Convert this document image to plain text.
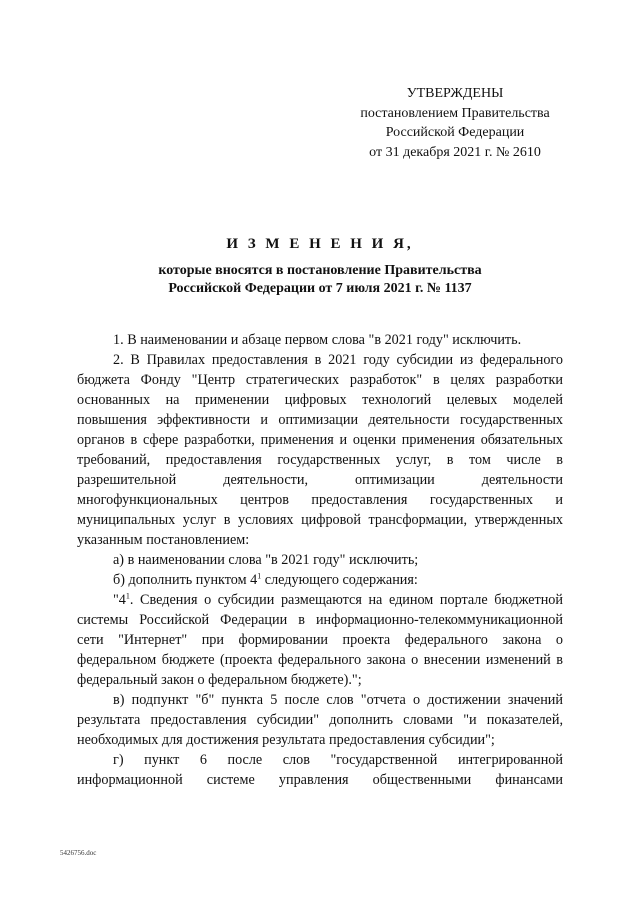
УТВЕРЖДЕНЫ
постановлением Правительства
Российской Федерации
от 31 декабря 2021 г. № 2610
И З М Е Н Е Н И Я,
которые вносятся в постановление Правительства
Российской Федерации от 7 июля 2021 г. № 1137

1. В наименовании и абзаце первом слова "в 2021 году" исключить.

2. В Правилах предоставления в 2021 году субсидии из федерального бюджета Фонду "Центр стратегических разработок" в целях разработки основанных на применении цифровых технологий целевых моделей повышения эффективности и оптимизации деятельности государственных органов в сфере разработки, применения и оценки применения обязательных требований, предоставления государственных услуг, в том числе в разрешительной деятельности, оптимизации деятельности многофункциональных центров предоставления государственных и муниципальных услуг в условиях цифровой трансформации, утвержденных указанным постановлением:

а) в наименовании слова "в 2021 году" исключить;

б) дополнить пунктом $4^1$ следующего содержания:

"$4^1$. Сведения о субсидии размещаются на едином портале бюджетной системы Российской Федерации в информационно-телекоммуникационной сети "Интернет" при формировании проекта федерального закона о федеральном бюджете (проекта федерального закона о внесении изменений в федеральный закон о федеральном бюджете).";

в) подпункт "б" пункта 5 после слов "отчета о достижении значений результата предоставления субсидии" дополнить словами "и показателей, необходимых для достижения результата предоставления субсидии";

г) пункт 6 после слов "государственной интегрированной информационной системе управления общественными финансами

5426756.doc
